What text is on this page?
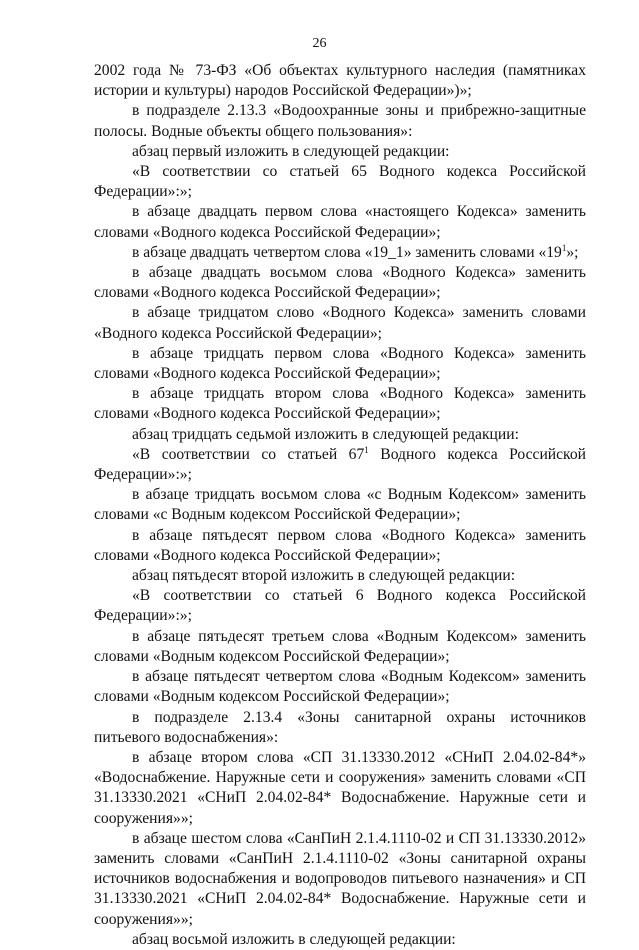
26

2002 года № 73-ФЗ «Об объектах культурного наследия (памятниках истории и культуры) народов Российской Федерации»)»;

в подразделе 2.13.3 «Водоохранные зоны и прибрежно-защитные полосы. Водные объекты общего пользования»:

абзац первый изложить в следующей редакции:

«В соответствии со статьей 65 Водного кодекса Российской Федерации»:»;

в абзаце двадцать первом слова «настоящего Кодекса» заменить словами «Водного кодекса Российской Федерации»;

в абзаце двадцать четвертом слова «19_1» заменить словами «$19^1$»;

в абзаце двадцать восьмом слова «Водного Кодекса» заменить словами «Водного кодекса Российской Федерации»;

в абзаце тридцатом слово «Водного Кодекса» заменить словами «Водного кодекса Российской Федерации»;

в абзаце тридцать первом слова «Водного Кодекса» заменить словами «Водного кодекса Российской Федерации»;

в абзаце тридцать втором слова «Водного Кодекса» заменить словами «Водного кодекса Российской Федерации»;

абзац тридцать седьмой изложить в следующей редакции:

«В соответствии со статьей $67^1$ Водного кодекса Российской Федерации»:»;

в абзаце тридцать восьмом слова «с Водным Кодексом» заменить словами «с Водным кодексом Российской Федерации»;

в абзаце пятьдесят первом слова «Водного Кодекса» заменить словами «Водного кодекса Российской Федерации»;

абзац пятьдесят второй изложить в следующей редакции:

«В соответствии со статьей 6 Водного кодекса Российской Федерации»:»;

в абзаце пятьдесят третьем слова «Водным Кодексом» заменить словами «Водным кодексом Российской Федерации»;

в абзаце пятьдесят четвертом слова «Водным Кодексом» заменить словами «Водным кодексом Российской Федерации»;

в подразделе 2.13.4 «Зоны санитарной охраны источников питьевого водоснабжения»:

в абзаце втором слова «СП 31.13330.2012 «СНиП 2.04.02-84*» «Водоснабжение. Наружные сети и сооружения» заменить словами «СП 31.13330.2021 «СНиП 2.04.02-84* Водоснабжение. Наружные сети и сооружения»»;

в абзаце шестом слова «СанПиН 2.1.4.1110-02 и СП 31.13330.2012» заменить словами «СанПиН 2.1.4.1110-02 «Зоны санитарной охраны источников водоснабжения и водопроводов питьевого назначения» и СП 31.13330.2021 «СНиП 2.04.02-84* Водоснабжение. Наружные сети и сооружения»»;

абзац восьмой изложить в следующей редакции:
